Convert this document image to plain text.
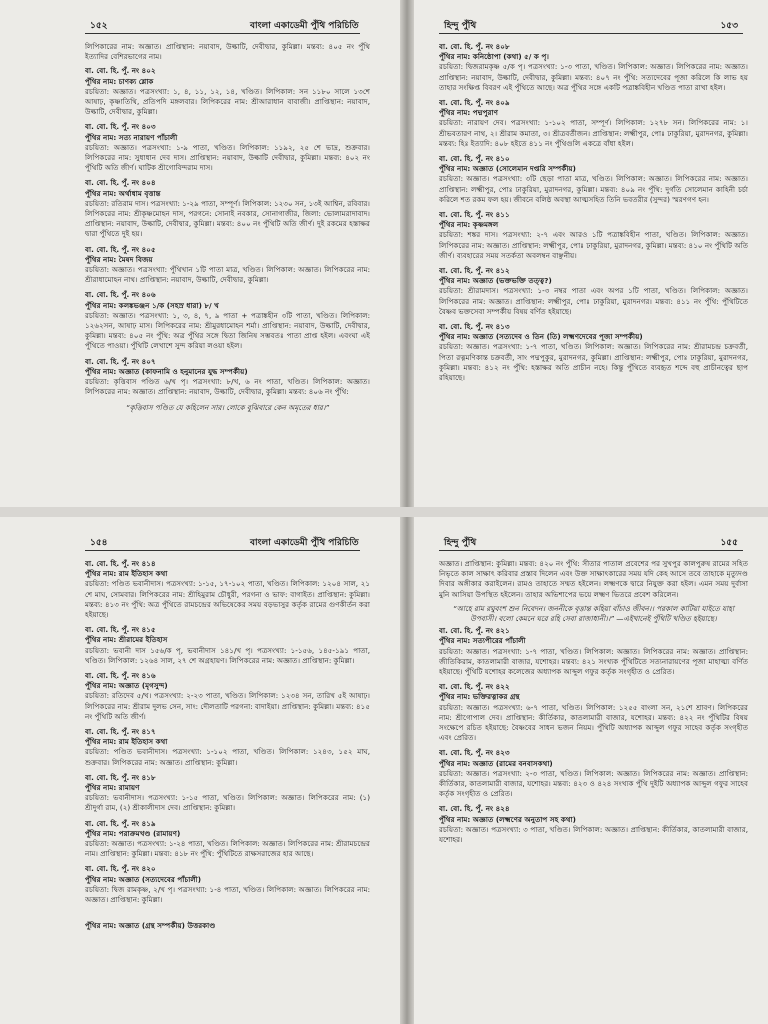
১৫২	বাংলা একাডেমী পুঁথি পরিচিতি
লিপিকারের নাম: অজ্ঞাত। প্রাপ্তিস্থান: নয়াবাদ, উল্কাটি, দেবীদ্বার, কুমিল্লা। মন্তব্য: ৪০৫ নং পুঁথি ইত্যাদির বেশিরভাগের নাম।
বা. বো. হি. পুঁ. নং ৪০২
পুঁথির নাম: চাণক্য শ্লোক

রচয়িতা: অজ্ঞাত। পত্রসংখ্যা: ১, ৪, ১১, ১২, ১৪, খণ্ডিত। লিপিকাল: সন ১১৮০ সালে ১৩শে আষাঢ়, কৃষ্ণাতিথি, প্রতিপদি মঙ্গলবার। লিপিকরের নাম: শ্রীআরাধান বাবাজী। প্রাপ্তিস্থান: নয়াবাদ, উল্কাটি, দেবীদ্বার, কুমিল্লা।
বা. বো. হি. পুঁ. নং ৪০৩
পুঁথির নাম: সত্য নারায়ণ পাঁচালী

রচয়িতা: অজ্ঞাত। পত্রসংখ্যা: ১-৯ পাতা, খণ্ডিত। লিপিকাল: ১১৯২, ২৫ শে ভাদ্র, শুক্রবার। লিপিকরের নাম: সুধাধান দেব দাস। প্রাপ্তিস্থান: নয়াবাদ, উল্কাটি দেবীদ্বার, কুমিল্লা। মন্তব্য: ৪০২ নং পুঁথিটি অতি জীর্ণ। ঘাটিক শ্রীগোবিন্দরাম দাস।
বা. বো. হি. পুঁ. নং ৪০৪
পুঁথির নাম: অর্থাধাম বৃত্তান্ত

রচয়িতা: রতিরাম দাস। পত্রসংখ্যা: ১-২৯ পাতা, সম্পূর্ণ। লিপিকাল: ১২৩০ সন, ১৩ই আশ্বিন, রবিবার। লিপিকরের নাম: শ্রীকৃষ্ণমোহন দাস, পরগনে: সোনাই নবকার, সোনাগাজীর, জিলা: ভোলামরাদাবাদ। প্রাপ্তিস্থান: নয়াবাদ, উল্কাটি, দেবীদ্বার, কুমিল্লা। মন্তব্য: ৪০০ নং পুঁথিটি অতি জীর্ণ। দুই রকমের হস্তাক্ষর দ্বারা পুঁথিতে দুই হয়।
বা. বো. হি. পুঁ. নং ৪০৫
পুঁথির নাম: মৈষদ বিজয়

রচয়িতা: অজ্ঞাত। পত্রসংখ্যা: পুঁথিখান ১টি পাতা মাত্র, খণ্ডিত। লিপিকাল: অজ্ঞাত। লিপিকরের নাম: শ্রীরাধামোহন নাথ। প্রাপ্তিস্থান: নয়াবাদ, উল্কাটি, দেবীদ্বার, কুমিল্লা।
বা. বো. হি. পুঁ. নং ৪০৬
পুঁথির নাম: কলঙ্কভঞ্জন ১/ক (সহস্র ধারা) ৮/ খ

রচয়িতা: অজ্ঞাত। পত্রসংখ্যা: ১, ৩, ৪, ৭, ৯ পাতা + পত্রাঙ্কহীন ৩টি পাতা, খণ্ডিত। লিপিকাল: ১২৬২সন, আষাঢ় মাস। লিপিকরের নাম: শ্রীমুরধামোহন শর্মা। প্রাপ্তিস্থান: নয়াবাদ, উল্কাটি, দেবীদ্বার, কুমিল্লা। মন্তব্য: ৪০৫ নং পুঁথি: অত্র পুঁথির সঙ্গে দ্বিতা জিনিষ সম্ভবতঃ পাতা প্রাপ্ত হইল। এবংঘা এই পুঁথিতে পাওয়া। পুঁথিটি লেখাশে সুন্দ করিয়া লওয়া হইল।
বা. বো. হি. পুঁ. নং ৪০৭
পুঁথির নাম: অজ্ঞাত (কাফনামি ও হনুমানের যুদ্ধ সম্পর্কীয়)

রচয়িতা: কৃত্তিবাস পণ্ডিত ৬/খ পৃ। পত্রসংখ্যা: ৮/খ, ৬ নং পাতা, খণ্ডিত। লিপিকাল: অজ্ঞাত। লিপিকরের নাম: অজ্ঞাত। প্রাপ্তিস্থান: নয়াবাদ, উল্কাটি, দেবীদ্বার, কুমিল্লা। মন্তব্য: ৪০৬ নং পুঁথি:
“কৃত্তিবাস পণ্ডিত যে কহিলেন সার। লোকে বুঝিবারে কেন অমৃতের ধার।”
হিন্দু পুঁথি	১৫৩
বা. বো. হি. পুঁ. নং ৪০৮
পুঁথির নাম: কনিষ্ঠোপা (কথা) ৫/ ক পৃ।

রচয়িতা: দ্বিজরামকৃষ্ণ ৫/ক পৃ। পত্রসংখ্যা: ১-৩ পাতা, খণ্ডিত। লিপিকাল: অজ্ঞাত। লিপিকরের নাম: অজ্ঞাত। প্রাপ্তিস্থান: নয়াবাদ, উল্কাটি, দেবীদ্বার, কুমিল্লা। মন্তব্য: ৪০৭ নং পুঁথি: সত্যদেবের পূজা করিলে কি লাভ হয় তাহার সংক্ষিপ্ত বিবরণ এই পুঁথিতে আছে। অত্র পুঁথির সঙ্গে একটি পত্রাঙ্কবিহীন খণ্ডিত পাতা রাখা হইল।
বা. বো. হি. পুঁ. নং ৪০৯
পুঁথির নাম: পদ্মপুরাণ

রচয়িতা: নারায়ণ দেব। পত্রসংখ্যা: ১-১০২ পাতা, সম্পূর্ণ। লিপিকাল: ১২৭৮ সন। লিপিকরের নাম: ১। শ্রীভবতারণ নাথ, ২। শ্রীরাম কমাতা, ৩। শ্রীত্রবর্তীজন। প্রাপ্তিস্থান: লক্ষ্মীপুর, পোঃ ঢাকুরিয়া, মুরাদনগর, কুমিল্লা। মন্তব্য: হিঃ ইত্যাদি: ৪০৮ হইতে ৪১১ নং পুঁথিগুলি একত্রে বাঁধা হইল।
বা. বো. হি. পুঁ. নং ৪১০
পুঁথির নাম: অজ্ঞাত (সোলেমান দপ্তরি সম্পর্কীয়)

রচয়িতা: অজ্ঞাত। পত্রসংখ্যা: ৩টি ছেড়া পাতা মাত্র, খণ্ডিত। লিপিকাল: অজ্ঞাত। লিপিকরের নাম: অজ্ঞাত। প্রাপ্তিস্থান: লক্ষ্মীপুর, পোঃ ঢাকুরিয়া, মুরাদনগর, কুমিল্লা। মন্তব্য: ৪০৯ নং পুঁথি: দুর্গতি সোলেমান কাহিনী চর্চা করিলে শত রকম ফল হয়। জীবনে বলিষ্ঠ অবস্থা আত্মসহিত তিনি ভবতরীর (সুন্দর) স্মরণগণ হন।
বা. বো. হি. পুঁ. নং ৪১১
পুঁথির নাম: কৃষ্ণমঙ্গল

রচয়িতা: শঙ্কর দাস। পত্রসংখ্যা: ২-৭ এবং আরও ১টি পত্রাঙ্কবিহীন পাতা, খণ্ডিত। লিপিকাল: অজ্ঞাত। লিপিকরের নাম: অজ্ঞাত। প্রাপ্তিস্থান: লক্ষ্মীপুর, পোঃ ঢাকুরিয়া, মুরাদনগর, কুমিল্লা। মন্তব্য: ৪১০ নং পুঁথিটি অতি জীর্ণ। ব্যবহারের সময় সতর্কতা অবলম্বন বাঞ্ছনীয়।
বা. বো. হি. পুঁ. নং ৪১২
পুঁথির নাম: অজ্ঞাত (ভক্তভক্তি তত্ত্ব?)

রচয়িতা: শ্রীরামদাস। পত্রসংখ্যা: ১-৩ নম্বর পাতা এবং অপর ১টি পাতা, খণ্ডিত। লিপিকাল: অজ্ঞাত। লিপিকরের নাম: অজ্ঞাত। প্রাপ্তিস্থান: লক্ষ্মীপুর, পোঃ ঢাকুরিয়া, মুরাদনগর। মন্তব্য: ৪১১ নং পুঁথি: পুঁথিটিতে বৈষ্ণব ভক্তসেবা সম্পর্কীয় বিষয় বর্ণিত হইয়াছে।
বা. বো. হি. পুঁ. নং ৪১৩
পুঁথির নাম: অজ্ঞাত (সত্যদেব ও তিন (তি) লক্ষ্মণদেবের পূজা সম্পর্কীয়)

রচয়িতা: অজ্ঞাত। পত্রসংখ্যা: ১-৭ পাতা, খণ্ডিত। লিপিকাল: অজ্ঞাত। লিপিকরের নাম: শ্রীরামচন্দ্র চক্রবর্তী, পিতা রত্নমণিকান্ত চক্রবর্তী, সাং পদ্মপুকুর, মুরাদনগর, কুমিল্লা। প্রাপ্তিস্থান: লক্ষ্মীপুর, পোঃ ঢাকুরিয়া, মুরাদনগর, কুমিল্লা। মন্তব্য: ৪১২ নং পুঁথি: হস্তাক্ষর অতি প্রাচীন নহে। কিন্তু পুঁথিতে ব্যবহৃত শব্দে বহু প্রাচীনত্বের ছাপ রহিয়াছে।
১৫৪	বাংলা একাডেমী পুঁথি পরিচিতি
বা. বো. হি. পুঁ. নং ৪১৪
পুঁথির নাম: রাম ইতিহাস কথা

রচয়িতা: পণ্ডিত ভবানীদাস। পত্রসংখ্যা: ১-১৫, ১৭-১০২ পাতা, খণ্ডিত। লিপিকাল: ১২০৪ সাল, ২১ শে মাঘ, সোমবার। লিপিকরের নাম: শ্রীহিমুরাম চৌধুরী, পরগনা ও ভাফ: বাগাইত। প্রাপ্তিস্থান: কুমিল্লা। মন্তব্য: ৪১৩ নং পুঁথি: অত্র পুঁথিতে রামচন্দ্রের অভিষেকের সময় বড়ভাসুর কর্তৃক রামের গুণকীর্তন করা হইয়াছে।
বা. বো. হি. পুঁ. নং ৪১৫
পুঁথির নাম: শ্রীরামের ইতিহাস

রচয়িতা: ভবানী দাস ১৫৬/ক পৃ, ভবানীদাস ১৪১/খ পৃ। পত্রসংখ্যা: ১-১৫৬, ১৪৫-১৯১ পাতা, খণ্ডিত। লিপিকাল: ১২৬৪ সাল, ২৭ শে অগ্রহায়ণ। লিপিকরের নাম: অজ্ঞাত। প্রাপ্তিস্থান: কুমিল্লা।
বা. বো. হি. পুঁ. নং ৪১৬
পুঁথির নাম: অজ্ঞাত (মৃগসুন্দ)

রচয়িতা: রতিদেব ৫/খ। পত্রসংখ্যা: ২-২৩ পাতা, খণ্ডিত। লিপিকাল: ১২৩৪ সন, তারিখ ৫ই আষাঢ়। লিপিকরের নাম: শ্রীরাম দুলভ সেন, সাং: দৌলতাটি পরগনা: বাদাইয়া। প্রাপ্তিস্থান: কুমিল্লা। মন্তব্য: ৪১৫ নং পুঁথিটি অতি জীর্ণ।
বা. বো. হি. পুঁ. নং ৪১৭
পুঁথির নাম: রাম ইতিহাস কথা

রচয়িতা: পণ্ডিত ভবানীদাস। পত্রসংখ্যা: ১-১০২ পাতা, খণ্ডিত। লিপিকাল: ১২৪৩, ১৫২ মাঘ, শুক্রবার। লিপিকরের নাম: অজ্ঞাত। প্রাপ্তিস্থান: কুমিল্লা।
বা. বো. হি. পুঁ. নং ৪১৮
পুঁথির নাম: রামায়ণ

রচয়িতা: ভবানীদাস। পত্রসংখ্যা: ১-১৫ পাতা, খণ্ডিত। লিপিকাল: অজ্ঞাত। লিপিকরের নাম: (১) শ্রীদুর্গা রাম, (২) শ্রীকালীদাস দেব। প্রাপ্তিস্থান: কুমিল্লা।
বা. বো. হি. পুঁ. নং ৪১৯
পুঁথির নাম: পরাক্রমখণ্ড (রামায়ণ)

রচয়িতা: অজ্ঞাত। পত্রসংখ্যা: ১-২৪ পাতা, খণ্ডিত। লিপিকাল: অজ্ঞাত। লিপিকরের নাম: শ্রীরামচন্দ্রের নাম। প্রাপ্তিস্থান: কুমিল্লা। মন্তব্য: ৪১৮ নং পুঁথি: পুঁথিটিতে রাক্ষসরাজের হার আছে।
বা. বো. হি. পুঁ. নং ৪২০
পুঁথির নাম: অজ্ঞাত (সত্যদেবের পাঁচালী)

রচয়িতা: দ্বিজ রামকৃষ্ণ, ২/খ পৃ। পত্রসংখ্যা: ১-৪ পাতা, খণ্ডিত। লিপিকাল: অজ্ঞাত। লিপিকরের নাম: অজ্ঞাত। প্রাপ্তিস্থান: কুমিল্লা।

পুঁথির নাম: অজ্ঞাত (গ্রন্থ সম্পর্কীয়) উত্তরকাণ্ড

হিন্দু পুঁথি	১৫৫
অজ্ঞাত। প্রাপ্তিস্থান: কুমিল্লা। মন্তব্য: ৪২০ নং পুঁথি: সীতার পাতাল প্রবেশের পর সুখপুর কালপুরুষ রামের সহিত নিভৃতে কাল সাক্ষাৎ করিবার প্রস্তাব দিলেন এবং উক্ত সাক্ষাৎকারের সময় যদি কেহ আসে তবে তাহাকে মৃত্যুদণ্ড দিবার অঙ্গীকার করাইলেন। রামও তাহাতে সম্মত হইলেন। লক্ষ্মণকে দ্বারে নিযুক্ত করা হইল। এমন সময় দুর্বাসা মুনি আসিয়া উপস্থিত হইলেন। তাহার অভিশাপের ভয়ে লক্ষ্মণ ভিতরে প্রবেশ করিলেন।
“আহে রাম রঘুবংশ শুন নিবেদন। জননীকে বৃত্তান্ত কহিয়া বাঁচাও জীবন।। পরকাল কাটিয়া যাইতে যাহা উপবাসী। বলো কেমনে ঘরে রহি সেবা রাজাধানী।।” —এইখানেই পুঁথিটি খণ্ডিত হইয়াছে।
বা. বো. হি. পুঁ. নং ৪২১
পুঁথির নাম: সত্যপীরের পাঁচালী

রচয়িতা: অজ্ঞাত। পত্রসংখ্যা: ১-৭ পাতা, খণ্ডিত। লিপিকাল: অজ্ঞাত। লিপিকরের নাম: অজ্ঞাত। প্রাপ্তিস্থান: জীতিকিরাম, কাতলামারী বাজার, যশোহর। মন্তব্য: ৪২১ সংখ্যক পুঁথিটিতে সত্যনারায়ণের পূজা মাহাত্ম্য বর্ণিত হইয়াছে। পুঁথিটি যশোহর কলেজের অধ্যাপক আব্দুল গফুর কর্তৃক সংগৃহীত ও প্রেরিত।
বা. বো. হি. পুঁ. নং ৪২২
পুঁথির নাম: ভক্তিরত্নাকর গ্রন্থ

রচয়িতা: অজ্ঞাত। পত্রসংখ্যা: ৬-৭ পাতা, খণ্ডিত। লিপিকাল: ১২৫৫ বাংলা সন, ২১শে শ্রাবণ। লিপিকরের নাম: শ্রীগোপাল দেব। প্রাপ্তিস্থান: কীর্তিকার, কাতলামারী বাজার, যশোহর। মন্তব্য: ৪২২ নং পুঁথিটির বিষয় সংক্ষেপে রচিত হইয়াছে: বৈষ্ণবের সাধন ভজন নিয়ম। পুঁথিটি অধ্যাপক আব্দুল গফুর সাহেব কর্তৃক সংগৃহীত এবং প্রেরিত।
বা. বো. হি. পুঁ. নং ৪২৩
পুঁথির নাম: অজ্ঞাত (রামের বনবাসকথা)

রচয়িতা: অজ্ঞাত। পত্রসংখ্যা: ২-৩ পাতা, খণ্ডিত। লিপিকাল: অজ্ঞাত। লিপিকরের নাম: অজ্ঞাত। প্রাপ্তিস্থান: কীর্তিকার, কাতলামারী বাজার, যশোহর। মন্তব্য: ৪২৩ ও ৪২৪ সংখ্যক পুঁথি দুইটি অধ্যাপক আব্দুল গফুর সাহেব কর্তৃক সংগৃহীত ও প্রেরিত।
বা. বো. হি. পুঁ. নং ৪২৪
পুঁথির নাম: অজ্ঞাত (লক্ষ্মণের অনুতাপ সহ কথা)

রচয়িতা: অজ্ঞাত। পত্রসংখ্যা: ৩ পাতা, খণ্ডিত। লিপিকাল: অজ্ঞাত। প্রাপ্তিস্থান: কীর্তিকার, কাতলামারী বাজার, যশোহর।
